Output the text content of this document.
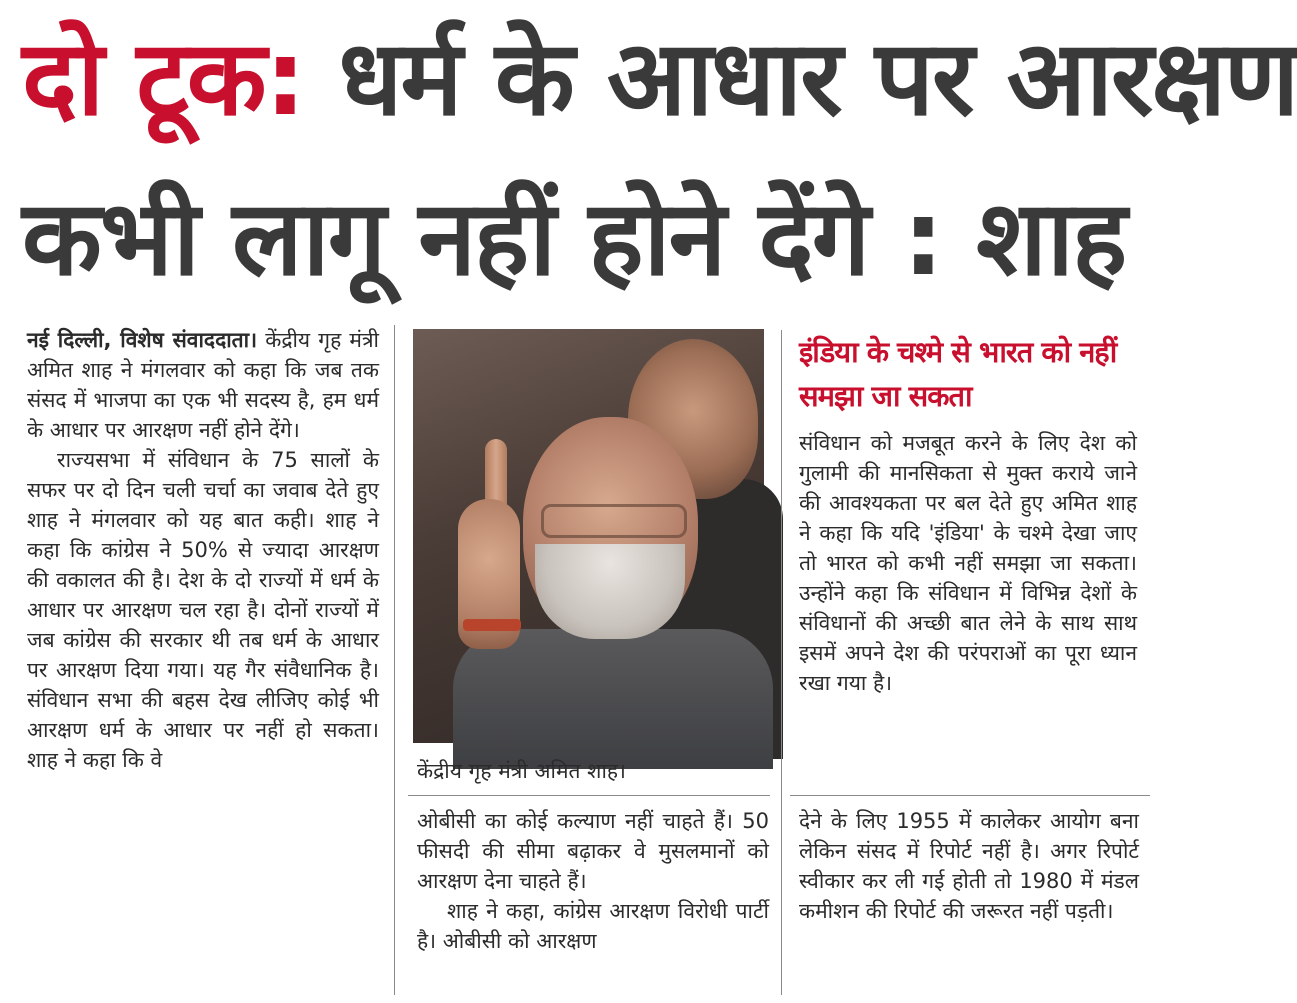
दो टूक: धर्म के आधार पर आरक्षण
कभी लागू नहीं होने देंगे : शाह

नई दिल्ली, विशेष संवाददाता। केंद्रीय गृह मंत्री अमित शाह ने मंगलवार को कहा कि जब तक संसद में भाजपा का एक भी सदस्य है, हम धर्म के आधार पर आरक्षण नहीं होने देंगे।

राज्यसभा में संविधान के 75 सालों के सफर पर दो दिन चली चर्चा का जवाब देते हुए शाह ने मंगलवार को यह बात कही। शाह ने कहा कि कांग्रेस ने 50% से ज्यादा आरक्षण की वकालत की है। देश के दो राज्यों में धर्म के आधार पर आरक्षण चल रहा है। दोनों राज्यों में जब कांग्रेस की सरकार थी तब धर्म के आधार पर आरक्षण दिया गया। यह गैर संवैधानिक है। संविधान सभा की बहस देख लीजिए कोई भी आरक्षण धर्म के आधार पर नहीं हो सकता। शाह ने कहा कि वे	केंद्रीय गृह मंत्री अमित शाह।
इंडिया के चश्मे से भारत को नहीं समझा जा सकता
संविधान को मजबूत करने के लिए देश को गुलामी की मानसिकता से मुक्त कराये जाने की आवश्यकता पर बल देते हुए अमित शाह ने कहा कि यदि 'इंडिया' के चश्मे देखा जाए तो भारत को कभी नहीं समझा जा सकता। उन्होंने कहा कि संविधान में विभिन्न देशों के संविधानों की अच्छी बात लेने के साथ साथ इसमें अपने देश की परंपराओं का पूरा ध्यान रखा गया है।

ओबीसी का कोई कल्याण नहीं चाहते हैं। 50 फीसदी की सीमा बढ़ाकर वे मुसलमानों को आरक्षण देना चाहते हैं।

शाह ने कहा, कांग्रेस आरक्षण विरोधी पार्टी है। ओबीसी को आरक्षण

देने के लिए 1955 में कालेकर आयोग बना लेकिन संसद में रिपोर्ट नहीं है। अगर रिपोर्ट स्वीकार कर ली गई होती तो 1980 में मंडल कमीशन की रिपोर्ट की जरूरत नहीं पड़ती।
